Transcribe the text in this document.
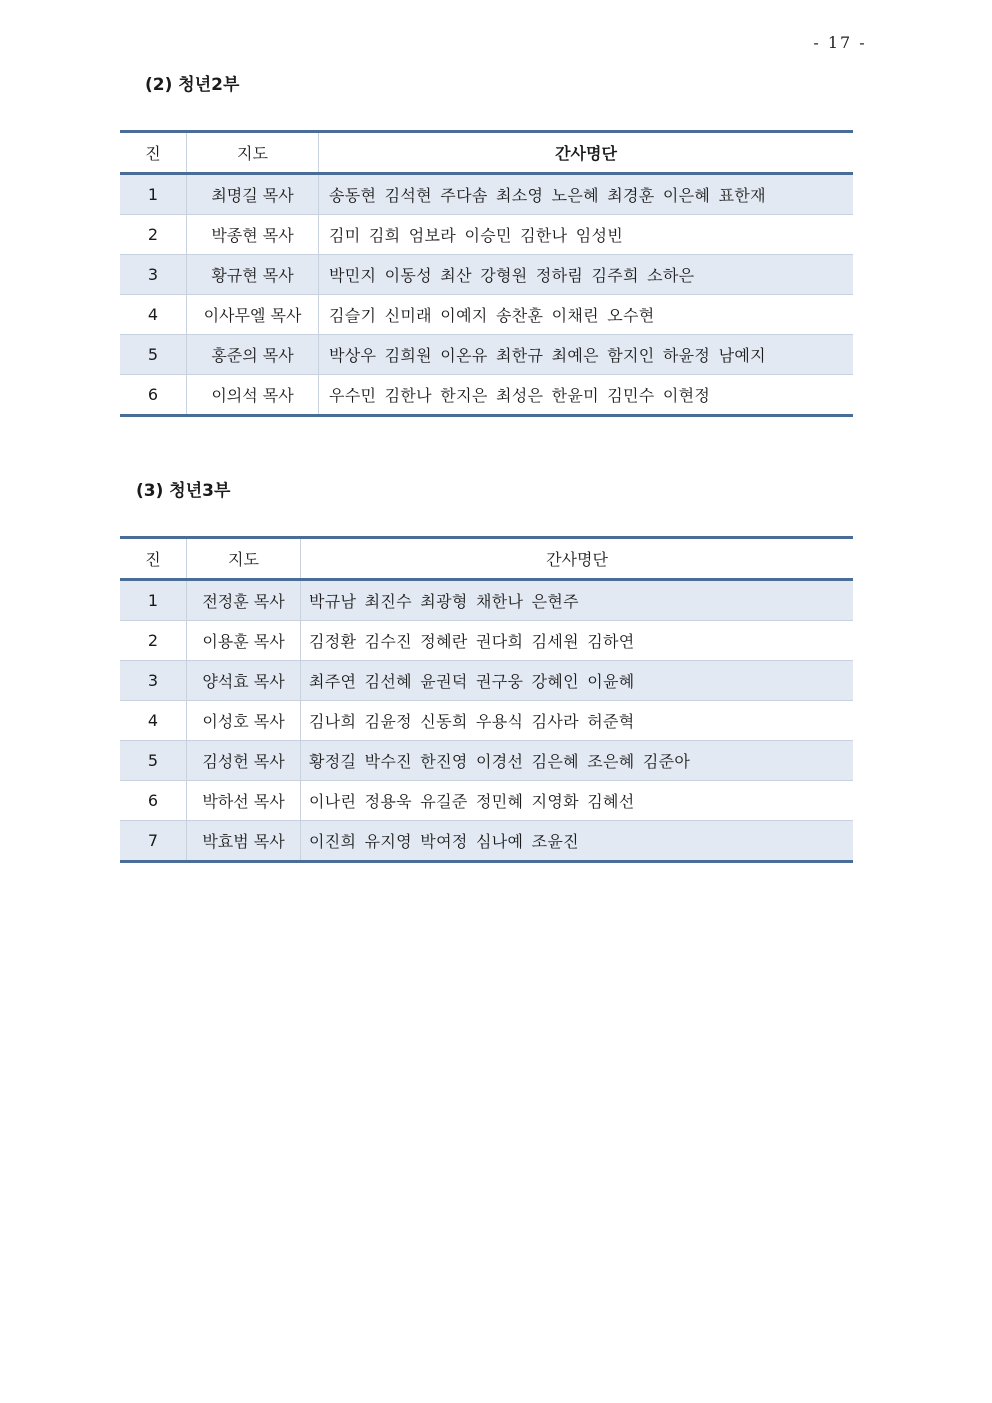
- 17 -
(2) 청년2부
진	지도	간사명단
1	최명길 목사	송동현 김석현 주다솜 최소영 노은혜 최경훈 이은혜 표한재
2	박종현 목사	김미 김희 엄보라 이승민 김한나 임성빈
3	황규현 목사	박민지 이동성 최산 강형원 정하림 김주희 소하은
4	이사무엘 목사	김슬기 신미래 이예지 송찬훈 이채린 오수현
5	홍준의 목사	박상우 김희원 이온유 최한규 최예은 함지인 하윤정 남예지
6	이의석 목사	우수민 김한나 한지은 최성은 한윤미 김민수 이현정
(3) 청년3부
진	지도	간사명단
1	전정훈 목사	박규남 최진수 최광형 채한나 은현주
2	이용훈 목사	김정환 김수진 정혜란 권다희 김세원 김하연
3	양석효 목사	최주연 김선혜 윤권덕 권구웅 강혜인 이윤혜
4	이성호 목사	김나희 김윤정 신동희 우용식 김사라 허준혁
5	김성헌 목사	황정길 박수진 한진영 이경선 김은혜 조은혜 김준아
6	박하선 목사	이나린 정용욱 유길준 정민혜 지영화 김혜선
7	박효범 목사	이진희 유지영 박여정 심나예 조윤진
